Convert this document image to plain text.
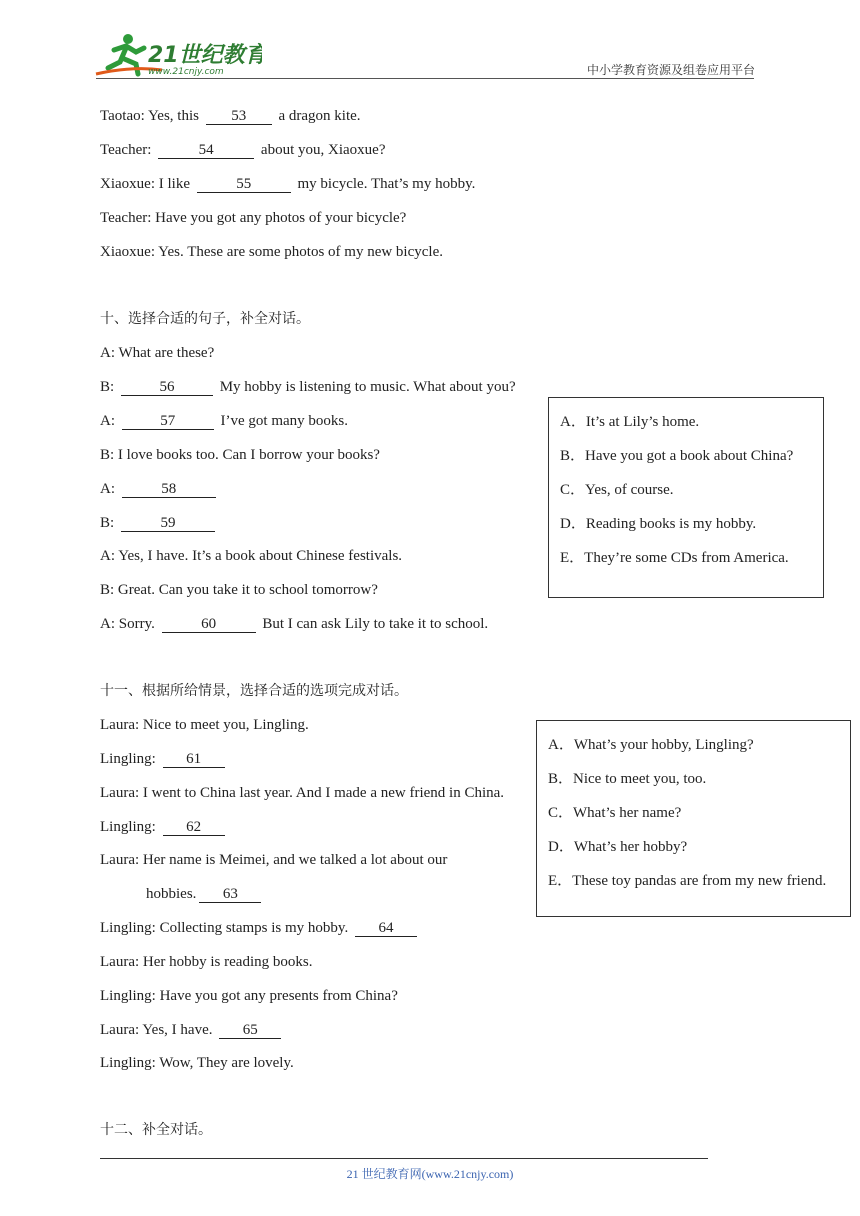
21世纪教育
www.21cnjy.com	中小学教育资源及组卷应用平台
Taotao: Yes, this 53 a dragon kite.
Teacher:	54	about you, Xiaoxue?
Xiaoxue: I like	55	my bicycle. That’s my hobby.
Teacher: Have you got any photos of your bicycle?
Xiaoxue: Yes. These are some photos of my new bicycle.
十、选择合适的句子，补全对话。
A: What are these?
B:	56	My hobby is listening to music. What about you?
A:	57	I’ve got many books.
B: I love books too. Can I borrow your books?
A:	58
B:	59
A: Yes, I have. It’s a book about Chinese festivals.
B: Great. Can you take it to school tomorrow?
A: Sorry.	60	But I can ask Lily to take it to school.
A．It’s at Lily’s home.
B．Have you got a book about China?
C．Yes, of course.
D．Reading books is my hobby.
E．They’re some CDs from America.
十一、根据所给情景，选择合适的选项完成对话。
Laura: Nice to meet you, Lingling.
Lingling: 61
Laura: I went to China last year. And I made a new friend in China.
Lingling: 62
Laura: Her name is Meimei, and we talked a lot about our
hobbies. 63
Lingling: Collecting stamps is my hobby. 64
Laura: Her hobby is reading books.
Lingling: Have you got any presents from China?
Laura: Yes, I have. 65
Lingling: Wow, They are lovely.
A．What’s your hobby, Lingling?
B．Nice to meet you, too.
C．What’s her name?
D．What’s her hobby?
E．These toy pandas are from my new friend.
十二、补全对话。
21 世纪教育网(www.21cnjy.com)
